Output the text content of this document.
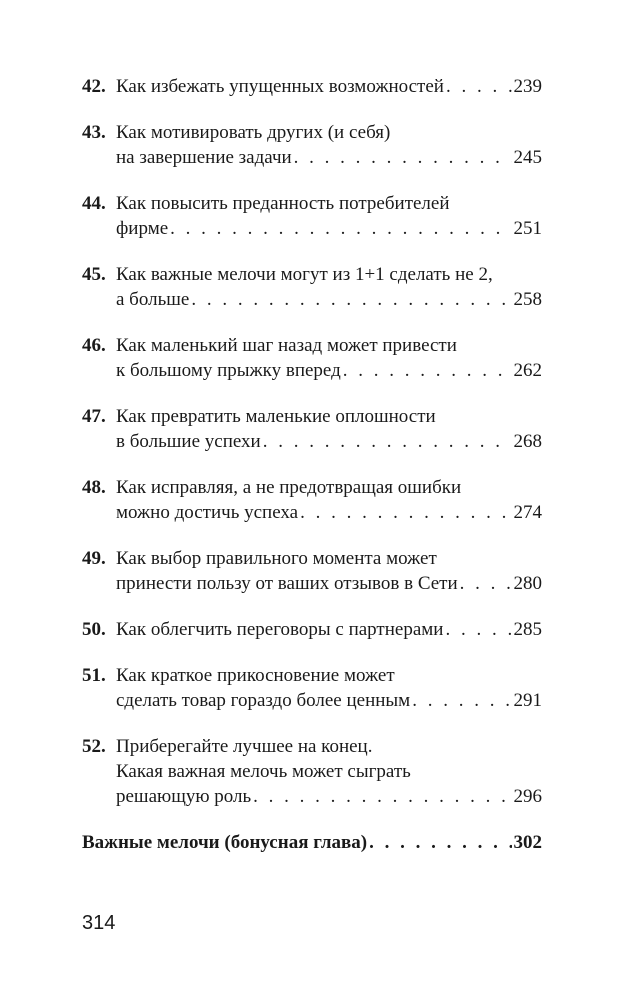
42. Как избежать упущенных возможностей . . .	239
43. Как мотивировать других (и себя)
на завершение задачи . . .	245
44. Как повысить преданность потребителей
фирме . . .	251
45. Как важные мелочи могут из 1+1 сделать не 2,
а больше . . .	258
46. Как маленький шаг назад может привести
к большому прыжку вперед . . .	262
47. Как превратить маленькие оплошности
в большие успехи . . .	268
48. Как исправляя, а не предотвращая ошибки
можно достичь успеха . . .	274
49. Как выбор правильного момента может
принести пользу от ваших отзывов в Сети . . .	280
50. Как облегчить переговоры с партнерами . . .	285
51. Как краткое прикосновение может
сделать товар гораздо более ценным . . .	291
52. Приберегайте лучшее на конец.
Какая важная мелочь может сыграть
решающую роль . . .	296
Важные мелочи (бонусная глава) . . .	302
314
